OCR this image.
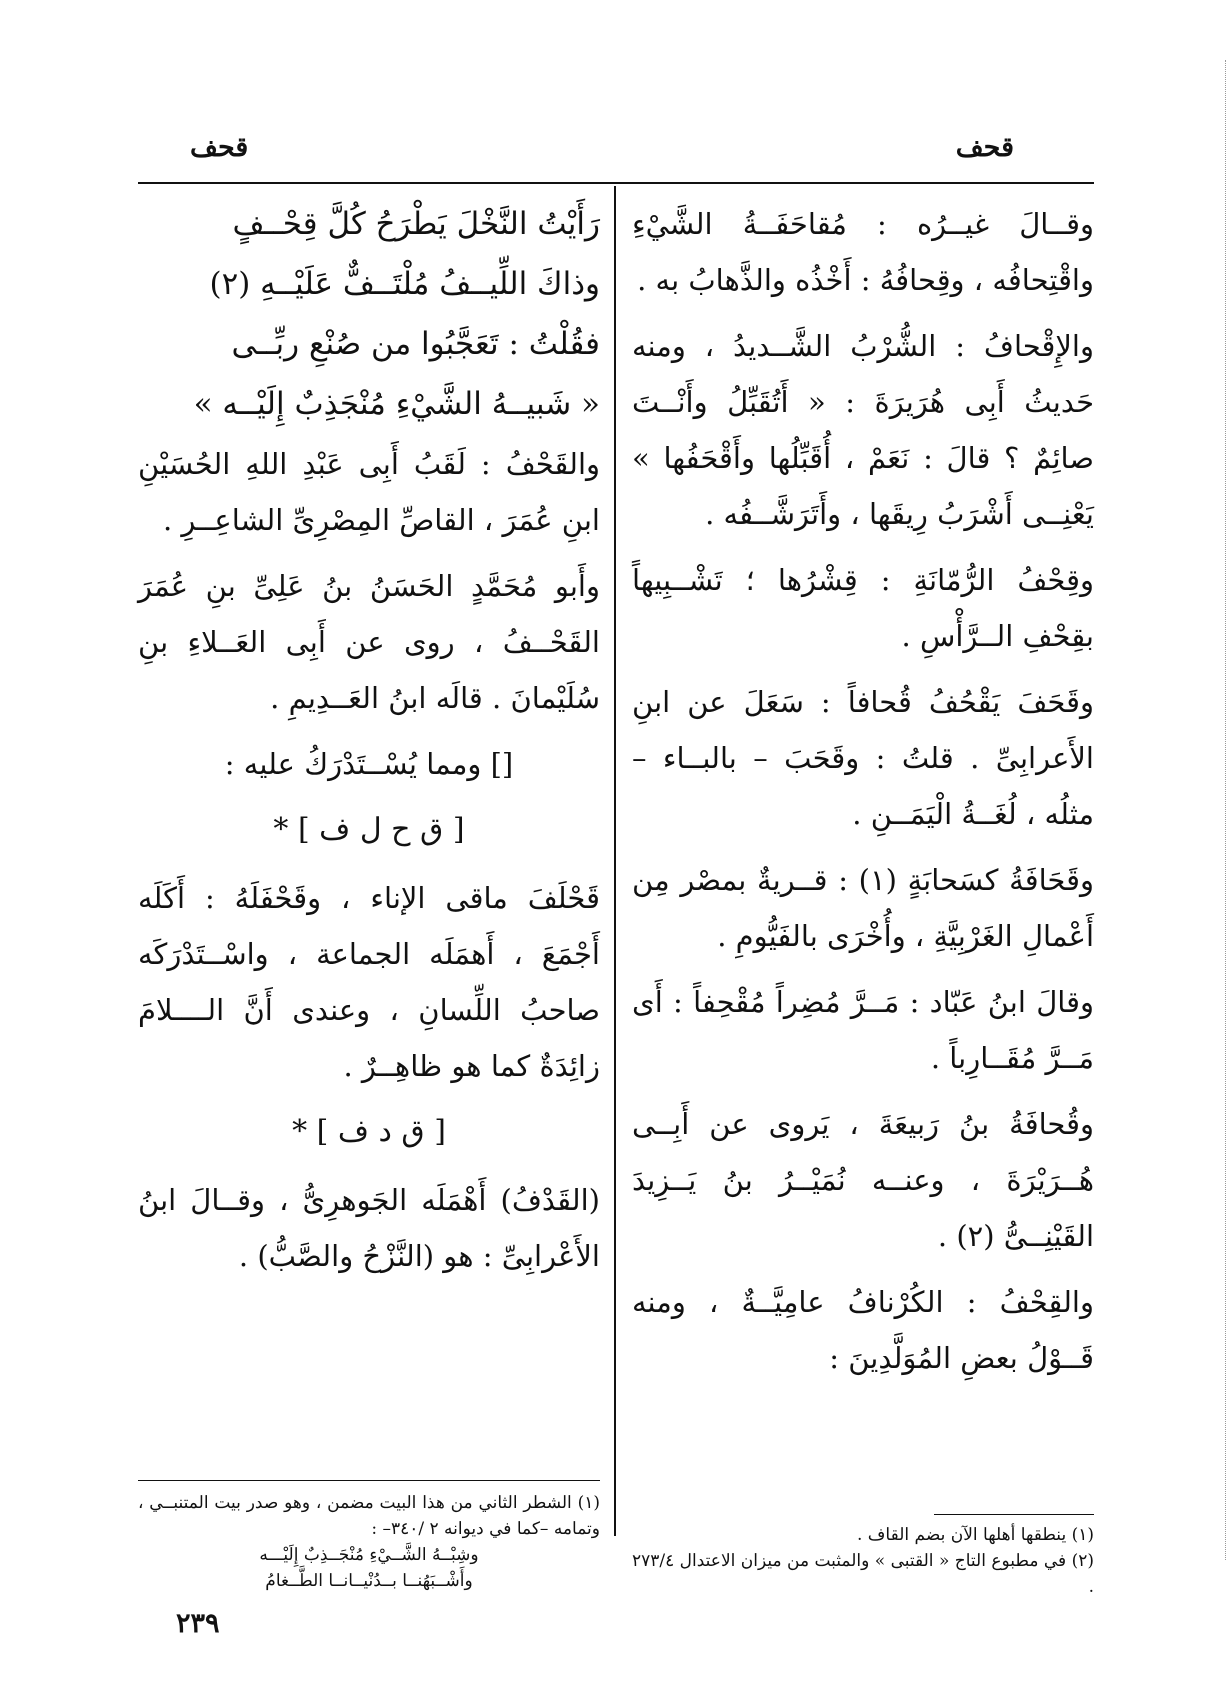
قحف
قحف

وقــالَ غيــرُه : مُقاحَفَــةُ الشَّيْءِ واقْتِحافُه ، وقِحافُهُ : أَخْذُه والذَّهابُ به .

والإِقْحافُ : الشُّرْبُ الشَّــديدُ ، ومنه حَديثُ أَبِى هُرَيرَةَ : « أَتُقَبِّلُ وأَنْــتَ صائِمٌ ؟ قالَ : نَعَمْ ، أُقَبِّلُها وأَقْحَفُها » يَعْنِــى أَشْرَبُ رِيقَها ، وأَتَرَشَّــفُه .

وقِحْفُ الرُّمّانَةِ : قِشْرُها ؛ تَشْــبِيهاً بقِحْفِ الــرَّأْسِ .

وقَحَفَ يَقْحُفُ قُحافاً : سَعَلَ عن ابنِ الأَعرابِىِّ . قلتُ : وقَحَبَ – بالبــاء – مثلُه ، لُغَــةُ الْيَمَــنِ .

وقَحَافَةُ كسَحابَةٍ (١) : قــريةٌ بمصْر مِن أَعْمالِ الغَرْبِيَّةِ ، وأُخْرَى بالفَيُّومِ .

وقالَ ابنُ عَبّاد : مَــرَّ مُضِراً مُقْحِفاً : أَى مَــرَّ مُقَــارِباً .

وقُحافَةُ بنُ رَبيعَةَ ، يَروى عن أَبِــى هُــرَيْرَةَ ، وعنــه نُمَيْــرُ بنُ يَــزِيدَ القَيْنِــىُّ (٢) .

والقِحْفُ : الكُرْنافُ عامِيَّــةٌ ، ومنه قَــوْلُ بعضِ المُوَلَّدِينَ :

رَأَيْتُ النَّخْلَ يَطْرَحُ كُلَّ قِحْــفٍ

وذاكَ اللِّيــفُ مُلْتَــفٌّ عَلَيْــهِ (٢)

فقُلْتُ : تَعَجَّبُوا من صُنْعِ ربِّــى

« شَبيــهُ الشَّيْءِ مُنْجَذِبٌ إِلَيْــه »

والقَحْفُ : لَقَبُ أَبِى عَبْدِ اللهِ الحُسَيْنِ ابنِ عُمَرَ ، القاصِّ المِصْرِىِّ الشاعِــرِ .

وأَبو مُحَمَّدٍ الحَسَنُ بنُ عَلِىِّ بنِ عُمَرَ القَحْــفُ ، روى عن أَبِى العَــلاءِ بنِ سُلَيْمانَ . قالَه ابنُ العَــدِيمِ .

[] ومما يُسْــتَدْرَكُ عليه :

[ ق ح ل ف ] *

قَحْلَفَ ماقى الإناء ، وقَحْفَلَهُ : أَكَلَه أَجْمَعَ ، أَهمَلَه الجماعة ، واسْــتَدْرَكَه صاحبُ اللِّسانِ ، وعندى أَنَّ الــــلامَ زائِدَةٌ كما هو ظاهِــرٌ .

[ ق د ف ] *

(القَدْفُ) أَهْمَلَه الجَوهرِىُّ ، وقــالَ ابنُ الأَعْرابِىِّ : هو (النَّزْحُ والصَّبُّ) .

(١) ينطقها أهلها الآن بضم القاف .

(٢) في مطبوع التاج « القتبى » والمثبت من ميزان الاعتدال ٢٧٣/٤ .

(١) الشطر الثاني من هذا البيت مضمن ، وهو صدر بيت المتنبــي ، وتمامه –كما في ديوانه ٢ /٣٤٠– :

وشِبْــهُ الشَّــيْءِ مُنْجَــذِبٌ إِلَيْـــه

وأَشْــبَهُنــا بــدُنْيــانــا الطَّــغامُ

٢٣٩
